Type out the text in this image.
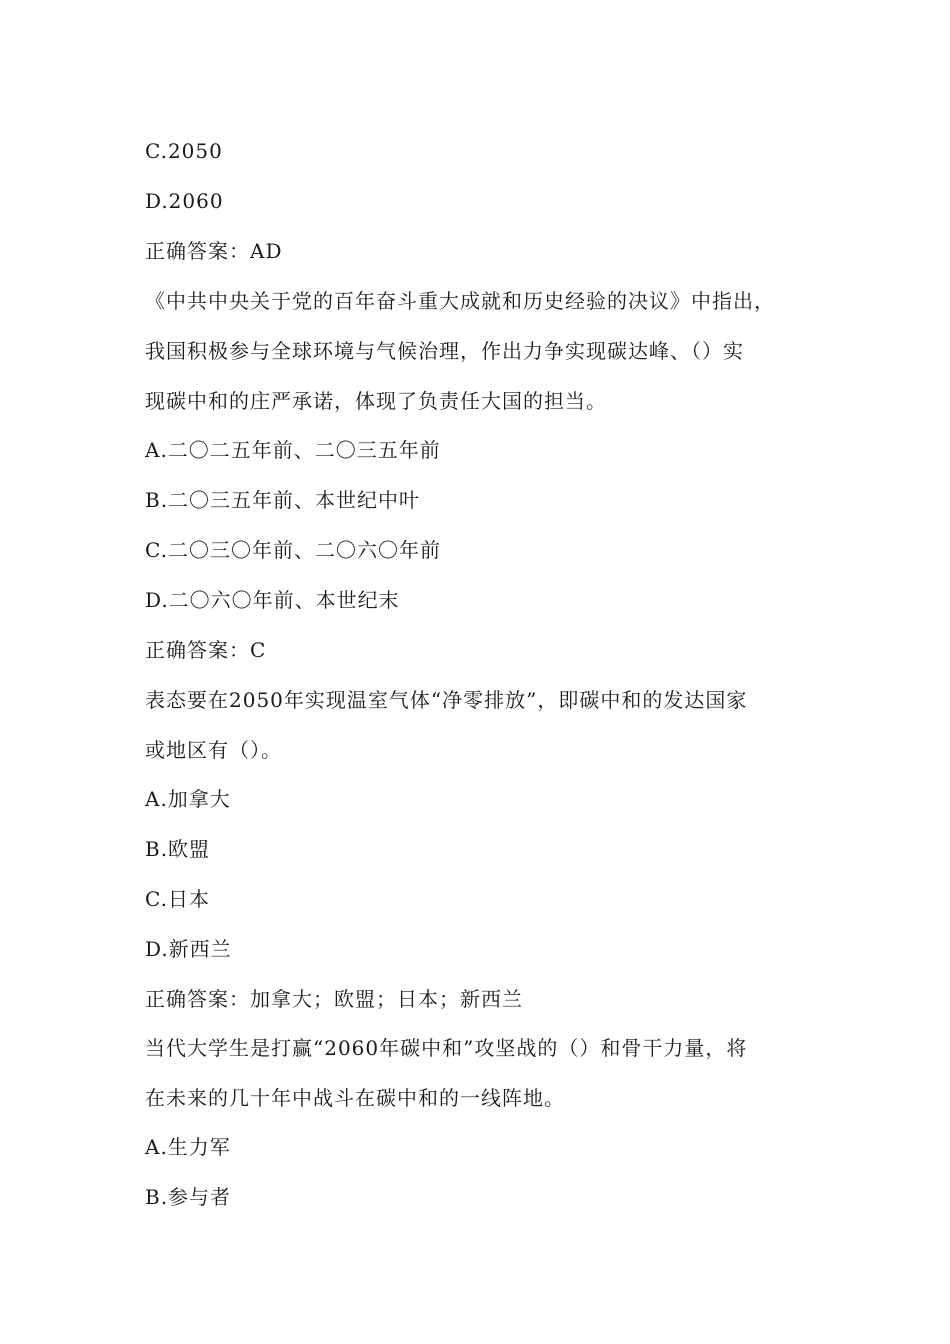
C.2050
D.2060
正确答案：AD
《中共中央关于党的百年奋斗重大成就和历史经验的决议》中指出，
我国积极参与全球环境与气候治理，作出力争实现碳达峰、（）实
现碳中和的庄严承诺，体现了负责任大国的担当。
A.二〇二五年前、二〇三五年前
B.二〇三五年前、本世纪中叶
C.二〇三〇年前、二〇六〇年前
D.二〇六〇年前、本世纪末
正确答案：C
表态要在2050年实现温室气体“净零排放”，即碳中和的发达国家
或地区有（）。
A.加拿大
B.欧盟
C.日本
D.新西兰
正确答案：加拿大；欧盟；日本；新西兰
当代大学生是打赢“2060年碳中和”攻坚战的（）和骨干力量，将
在未来的几十年中战斗在碳中和的一线阵地。
A.生力军
B.参与者
